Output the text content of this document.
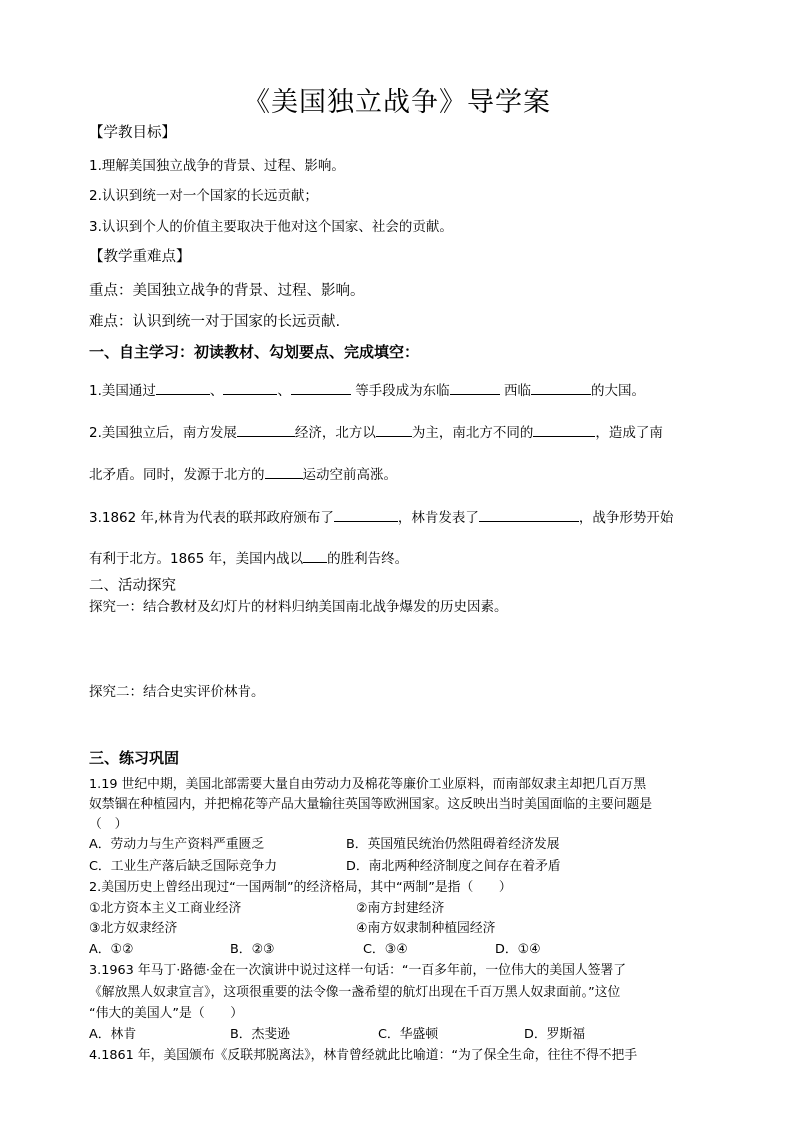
《美国独立战争》导学案
【学教目标】
1.理解美国独立战争的背景、过程、影响。
2.认识到统一对一个国家的长远贡献；
3.认识到个人的价值主要取决于他对这个国家、社会的贡献。
【教学重难点】
重点：美国独立战争的背景、过程、影响。
难点：认识到统一对于国家的长远贡献.
一、自主学习：初读教材、勾划要点、完成填空：
1.美国通过	、	、	等手段成为东临	西临	的大国。
2.美国独立后，南方发展	经济，北方以	为主，南北方不同的	，造成了南
北矛盾。同时，发源于北方的	运动空前高涨。
3.1862 年,林肯为代表的联邦政府颁布了	，林肯发表了	，战争形势开始
有利于北方。1865 年，美国内战以 的胜利告终。
二、活动探究
探究一：结合教材及幻灯片的材料归纳美国南北战争爆发的历史因素。
探究二：结合史实评价林肯。
三、练习巩固
1.19 世纪中期，美国北部需要大量自由劳动力及棉花等廉价工业原料，而南部奴隶主却把几百万黑
奴禁锢在种植园内，并把棉花等产品大量输往英国等欧洲国家。这反映出当时美国面临的主要问题是
（　）
A．劳动力与生产资料严重匮乏	B．英国殖民统治仍然阻碍着经济发展
C．工业生产落后缺乏国际竞争力	D．南北两种经济制度之间存在着矛盾
2.美国历史上曾经出现过“一国两制”的经济格局，其中“两制”是指（　　）
①北方资本主义工商业经济	②南方封建经济
③北方奴隶经济	④南方奴隶制种植园经济
A．①②	B．②③	C．③④	D．①④
3.1963 年马丁·路德·金在一次演讲中说过这样一句话：“一百多年前，一位伟大的美国人签署了
《解放黑人奴隶宣言》，这项很重要的法令像一盏希望的航灯出现在千百万黑人奴隶面前。”这位
“伟大的美国人”是（　　）
A．林肯	B．杰斐逊	C．华盛顿	D．罗斯福
4.1861 年，美国颁布《反联邦脱离法》，林肯曾经就此比喻道：“为了保全生命，往往不得不把手
